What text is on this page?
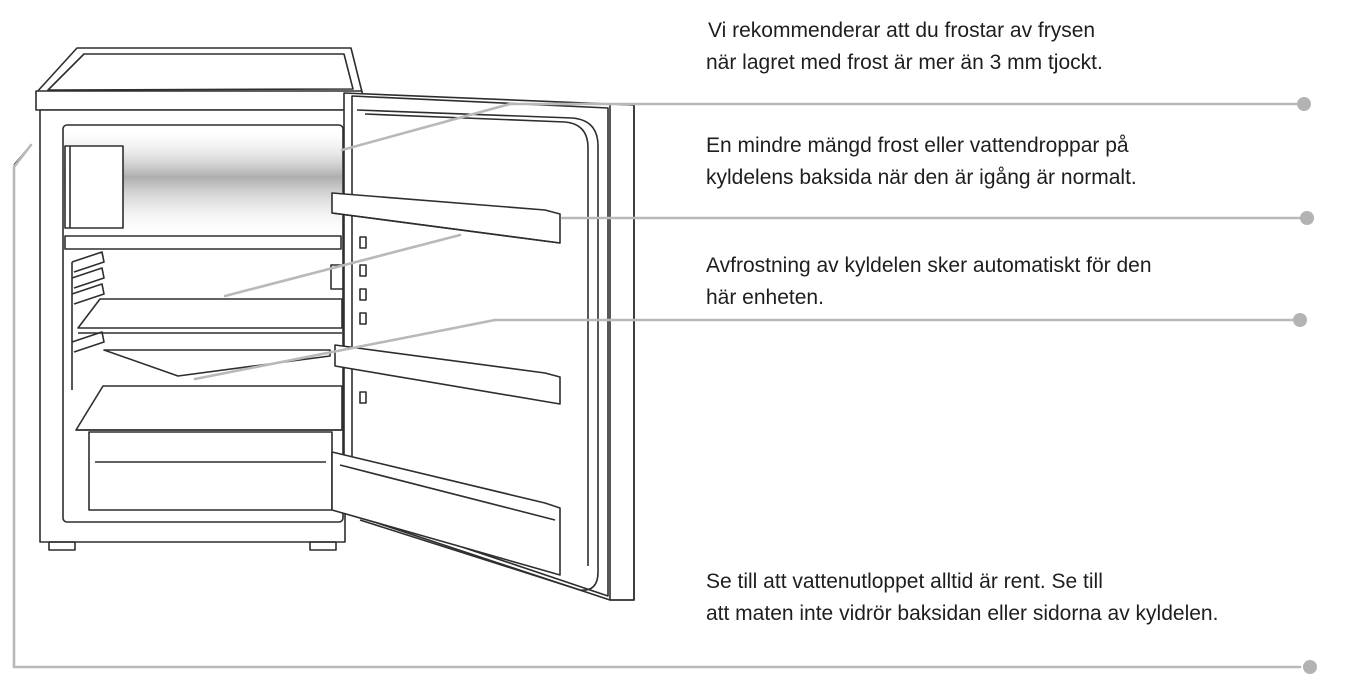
Vi rekommenderar att du frostar av frysen
när lagret med frost är mer än 3 mm tjockt.
En mindre mängd frost eller vattendroppar på
kyldelens baksida när den är igång är normalt.
Avfrostning av kyldelen sker automatiskt för den
här enheten.
Se till att vattenutloppet alltid är rent. Se till
att maten inte vidrör baksidan eller sidorna av kyldelen.
